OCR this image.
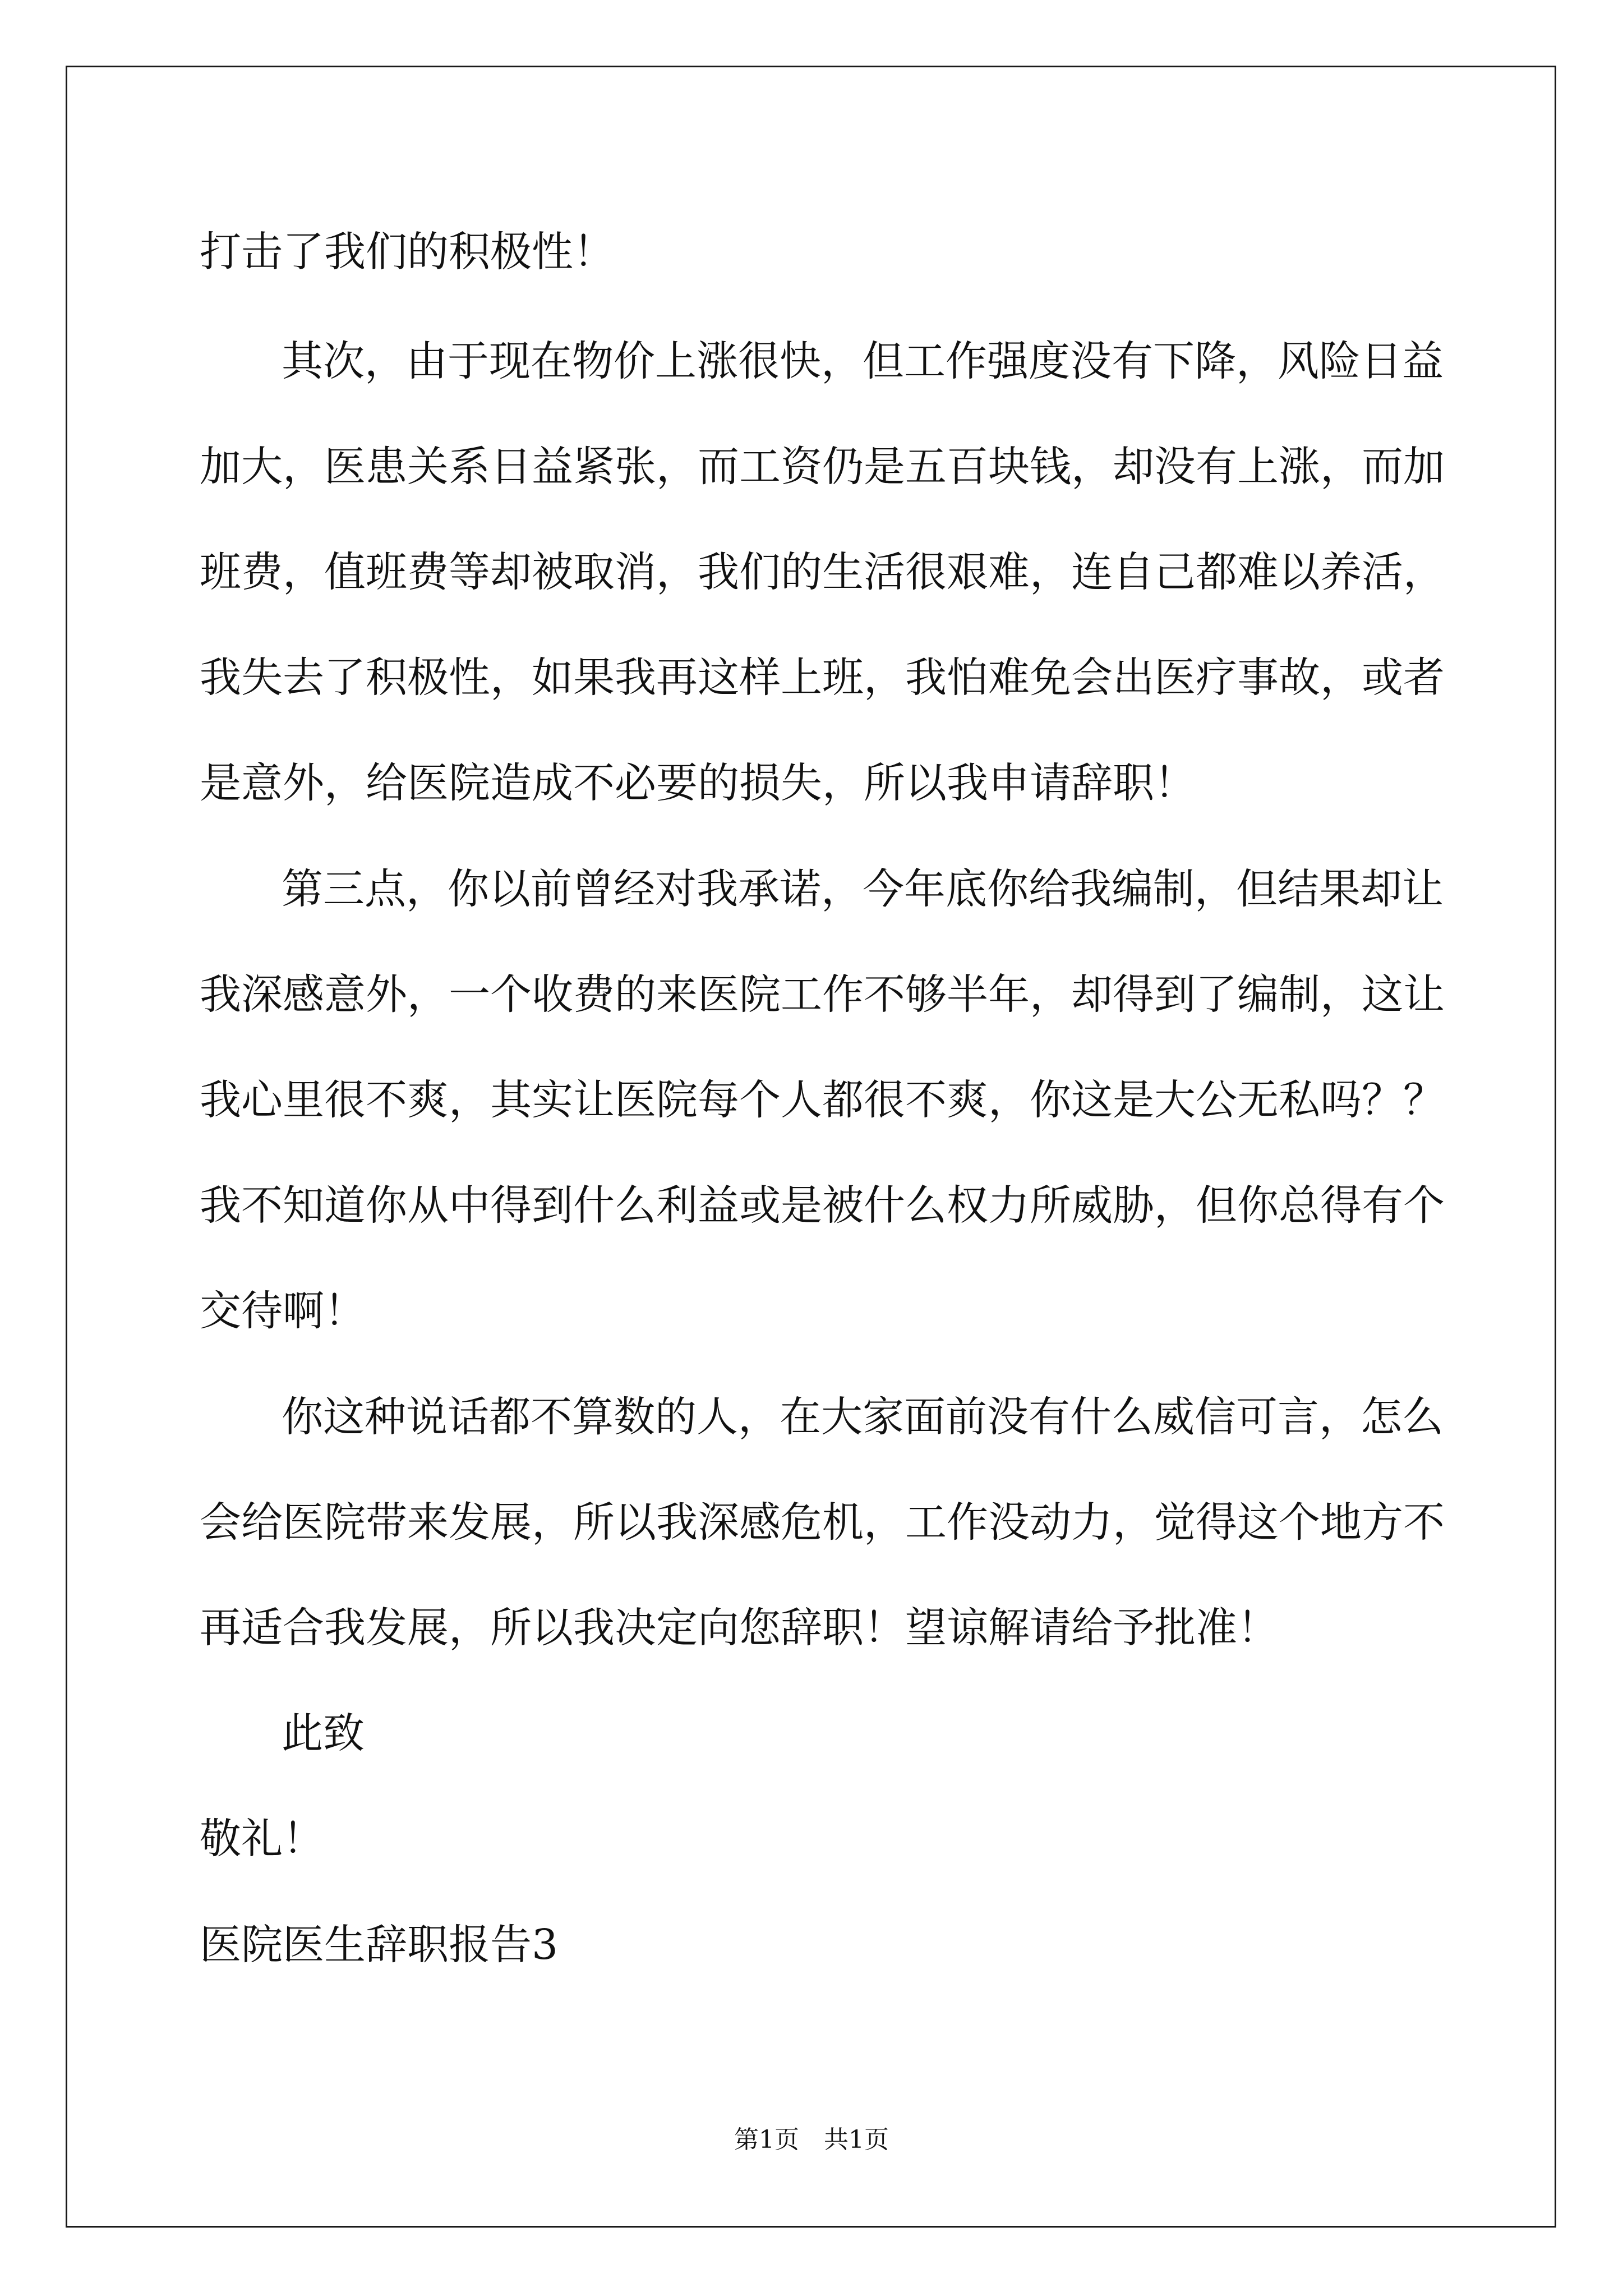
打击了我们的积极性！
其次，由于现在物价上涨很快，但工作强度没有下降，风险日益
加大，医患关系日益紧张，而工资仍是五百块钱，却没有上涨，而加
班费，值班费等却被取消，我们的生活很艰难，连自己都难以养活，
我失去了积极性，如果我再这样上班，我怕难免会出医疗事故，或者
是意外，给医院造成不必要的损失，所以我申请辞职！
第三点，你以前曾经对我承诺，今年底你给我编制，但结果却让
我深感意外，一个收费的来医院工作不够半年，却得到了编制，这让
我心里很不爽，其实让医院每个人都很不爽，你这是大公无私吗？？
我不知道你从中得到什么利益或是被什么权力所威胁，但你总得有个
交待啊！
你这种说话都不算数的人，在大家面前没有什么威信可言，怎么
会给医院带来发展，所以我深感危机，工作没动力，觉得这个地方不
再适合我发展，所以我决定向您辞职！望谅解请给予批准！
此致
敬礼！
医院医生辞职报告3
第1页　共1页
